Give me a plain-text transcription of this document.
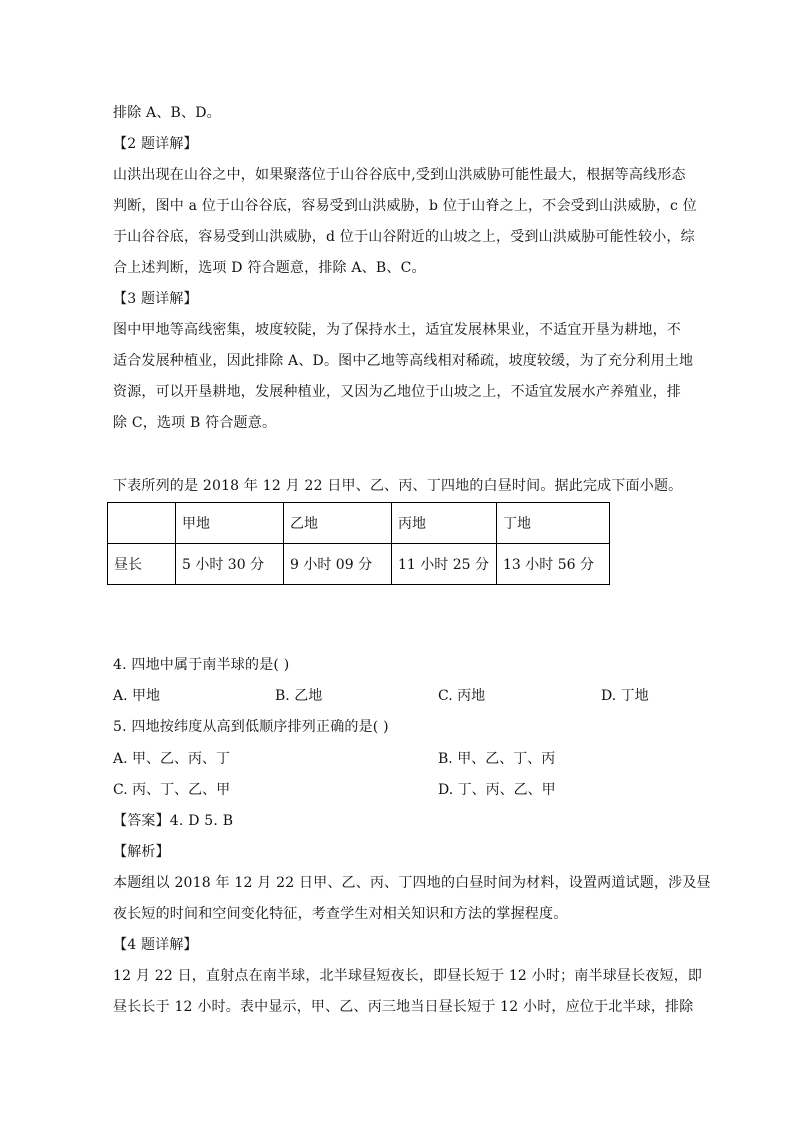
排除 A、B、D。
【2 题详解】
山洪出现在山谷之中，如果聚落位于山谷谷底中,受到山洪威胁可能性最大，根据等高线形态
判断，图中 a 位于山谷谷底，容易受到山洪威胁，b 位于山脊之上，不会受到山洪威胁，c 位
于山谷谷底，容易受到山洪威胁，d 位于山谷附近的山坡之上，受到山洪威胁可能性较小，综
合上述判断，选项 D 符合题意，排除 A、B、C。
【3 题详解】
图中甲地等高线密集，坡度较陡，为了保持水土，适宜发展林果业，不适宜开垦为耕地，不
适合发展种植业，因此排除 A、D。图中乙地等高线相对稀疏，坡度较缓，为了充分利用土地
资源，可以开垦耕地，发展种植业，又因为乙地位于山坡之上，不适宜发展水产养殖业，排
除 C，选项 B 符合题意。
下表所列的是 2018 年 12 月 22 日甲、乙、丙、丁四地的白昼时间。据此完成下面小题。
	甲地	乙地	丙地	丁地
昼长	5 小时 30 分	9 小时 09 分	11 小时 25 分	13 小时 56 分
4. 四地中属于南半球的是( )
A. 甲地	B. 乙地	C. 丙地	D. 丁地
5. 四地按纬度从高到低顺序排列正确的是( )
A. 甲、乙、丙、丁	B. 甲、乙、丁、丙
C. 丙、丁、乙、甲	D. 丁、丙、乙、甲
【答案】4. D 5. B
【解析】
本题组以 2018 年 12 月 22 日甲、乙、丙、丁四地的白昼时间为材料，设置两道试题，涉及昼
夜长短的时间和空间变化特征，考查学生对相关知识和方法的掌握程度。
【4 题详解】
12 月 22 日，直射点在南半球，北半球昼短夜长，即昼长短于 12 小时；南半球昼长夜短，即
昼长长于 12 小时。表中显示，甲、乙、丙三地当日昼长短于 12 小时，应位于北半球，排除
